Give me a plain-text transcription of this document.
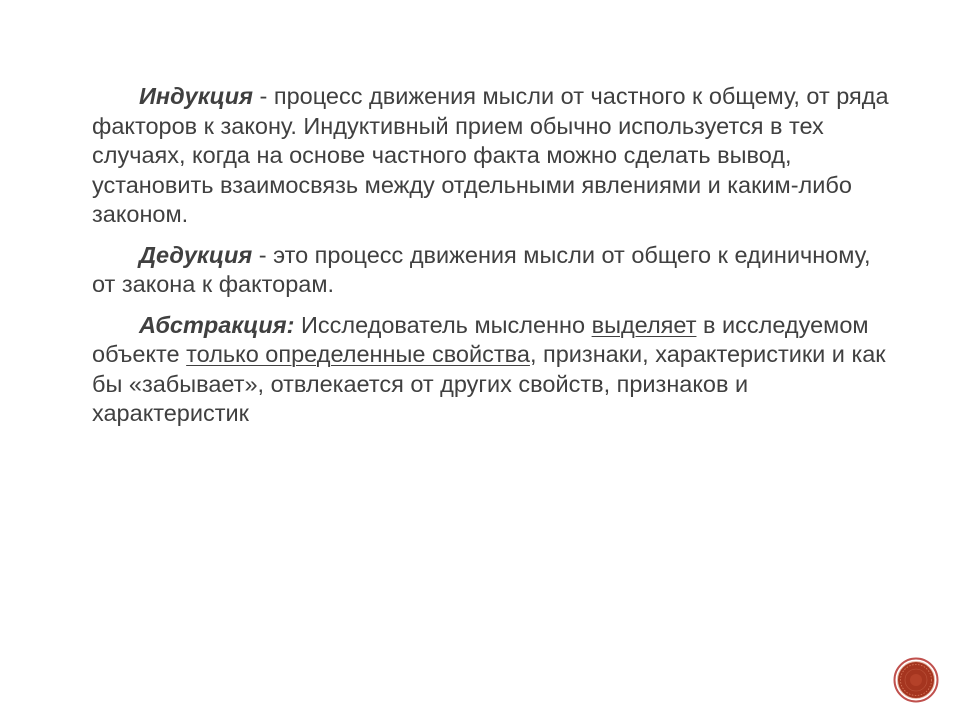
Индукция - процесс движения мысли от частного к общему, от ряда факторов к закону. Индуктивный прием обычно используется в тех случаях, когда на основе частного факта можно сделать вывод, установить взаимосвязь между отдельными явлениями и каким-либо законом.

Дедукция - это процесс движения мысли от общего к единичному, от закона к факторам.

Абстракция: Исследователь мысленно выделяет в исследуемом объекте только определенные свойства, признаки, характеристики и как бы «забывает», отвлекается от других свойств, признаков и характеристик
